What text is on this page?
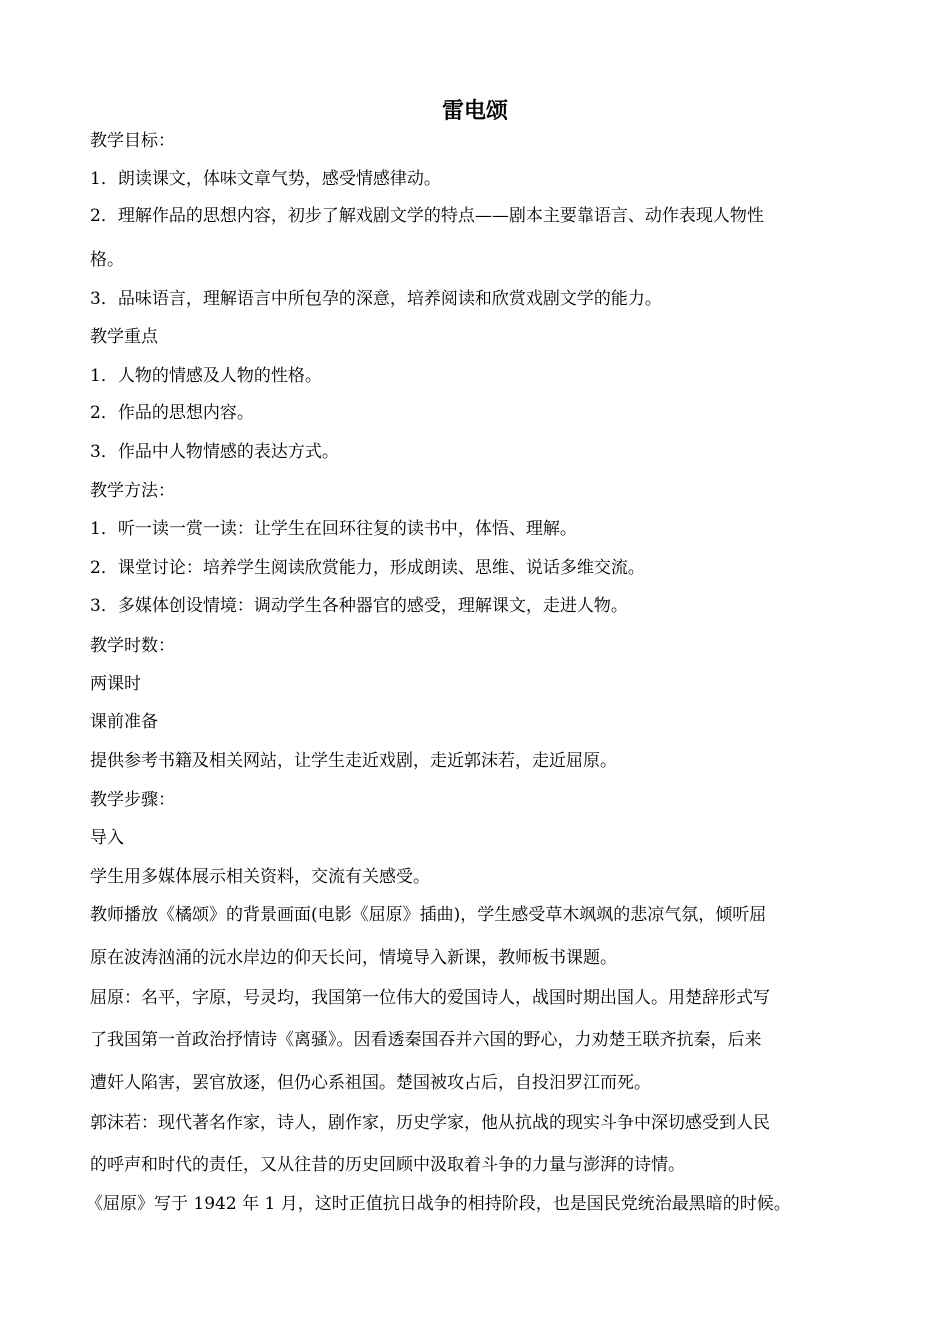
雷电颂
教学目标：
1．朗读课文，体味文章气势，感受情感律动。
2．理解作品的思想内容，初步了解戏剧文学的特点——剧本主要靠语言、动作表现人物性
格。
3．品味语言，理解语言中所包孕的深意，培养阅读和欣赏戏剧文学的能力。
教学重点
1．人物的情感及人物的性格。
2．作品的思想内容。
3．作品中人物情感的表达方式。
教学方法：
1．听一读一赏一读：让学生在回环往复的读书中，体悟、理解。
2．课堂讨论：培养学生阅读欣赏能力，形成朗读、思维、说话多维交流。
3．多媒体创设情境：调动学生各种器官的感受，理解课文，走进人物。
教学时数：
两课时
课前准备
提供参考书籍及相关网站，让学生走近戏剧，走近郭沫若，走近屈原。
教学步骤：
导入
学生用多媒体展示相关资料，交流有关感受。
教师播放《橘颂》的背景画面(电影《屈原》插曲)，学生感受草木飒飒的悲凉气氛，倾听屈
原在波涛汹涌的沅水岸边的仰天长问，情境导入新课，教师板书课题。
屈原：名平，字原，号灵均，我国第一位伟大的爱国诗人，战国时期出国人。用楚辞形式写
了我国第一首政治抒情诗《离骚》。因看透秦国吞并六国的野心，力劝楚王联齐抗秦，后来
遭奸人陷害，罢官放逐，但仍心系祖国。楚国被攻占后，自投汨罗江而死。
郭沫若：现代著名作家，诗人，剧作家，历史学家，他从抗战的现实斗争中深切感受到人民
的呼声和时代的责任，又从往昔的历史回顾中汲取着斗争的力量与澎湃的诗情。
《屈原》写于 1942 年 1 月，这时正值抗日战争的相持阶段，也是国民党统治最黑暗的时候。
